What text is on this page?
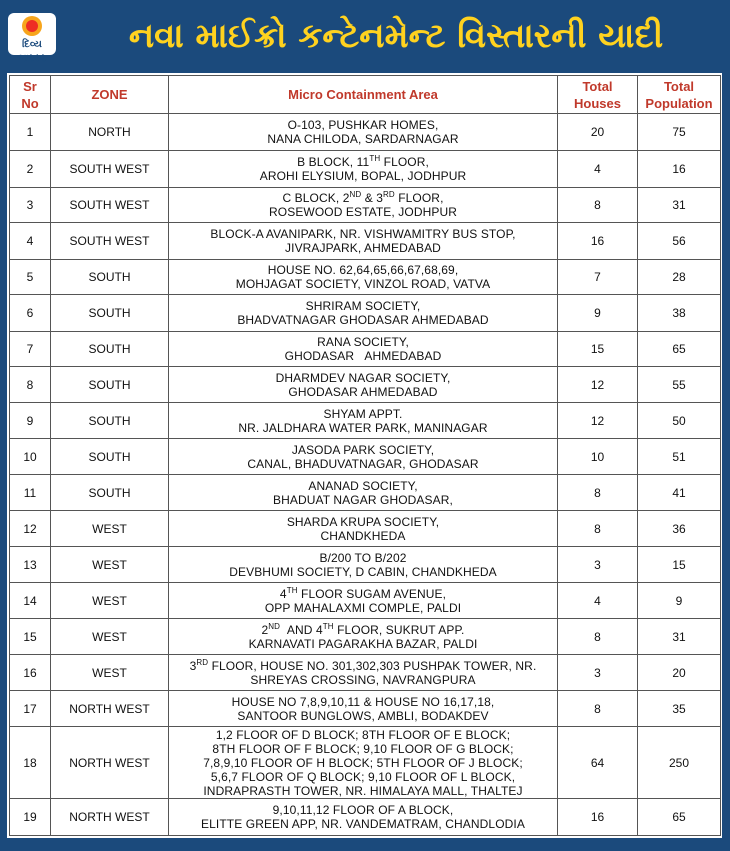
દિવ્ય ભાસ્કર
નવા માઈક્રો કન્ટેનમેન્ટ વિસ્તારની યાદી
Sr
No	ZONE	Micro Containment Area	Total Houses	Total Population
1	NORTH	O-103, PUSHKAR HOMES,
NANA CHILODA, SARDARNAGAR	20	75
2	SOUTH WEST	B BLOCK, 11TH FLOOR,
AROHI ELYSIUM, BOPAL, JODHPUR	4	16
3	SOUTH WEST	C BLOCK, 2ND & 3RD FLOOR,
ROSEWOOD ESTATE, JODHPUR	8	31
4	SOUTH WEST	BLOCK-A AVANIPARK, NR. VISHWAMITRY BUS STOP,
JIVRAJPARK, AHMEDABAD	16	56
5	SOUTH	HOUSE NO. 62,64,65,66,67,68,69,
MOHJAGAT SOCIETY, VINZOL ROAD, VATVA	7	28
6	SOUTH	SHRIRAM SOCIETY,
BHADVATNAGAR GHODASAR AHMEDABAD	9	38
7	SOUTH	RANA SOCIETY,
GHODASAR   AHMEDABAD	15	65
8	SOUTH	DHARMDEV NAGAR SOCIETY,
GHODASAR AHMEDABAD	12	55
9	SOUTH	SHYAM APPT.
NR. JALDHARA WATER PARK, MANINAGAR	12	50
10	SOUTH	JASODA PARK SOCIETY,
CANAL, BHADUVATNAGAR, GHODASAR	10	51
11	SOUTH	ANANAD SOCIETY,
BHADUAT NAGAR GHODASAR,	8	41
12	WEST	SHARDA KRUPA SOCIETY,
CHANDKHEDA	8	36
13	WEST	B/200 TO B/202
DEVBHUMI SOCIETY, D CABIN, CHANDKHEDA	3	15
14	WEST	4TH FLOOR SUGAM AVENUE,
OPP MAHALAXMI COMPLE, PALDI	4	9
15	WEST	2ND  AND 4TH FLOOR, SUKRUT APP.
KARNAVATI PAGARAKHA BAZAR, PALDI	8	31
16	WEST	3RD FLOOR, HOUSE NO. 301,302,303 PUSHPAK TOWER, NR.
SHREYAS CROSSING, NAVRANGPURA	3	20
17	NORTH WEST	HOUSE NO 7,8,9,10,11 & HOUSE NO 16,17,18,
SANTOOR BUNGLOWS, AMBLI, BODAKDEV	8	35
18	NORTH WEST	1,2 FLOOR OF D BLOCK; 8TH FLOOR OF E BLOCK;
8TH FLOOR OF F BLOCK; 9,10 FLOOR OF G BLOCK;
7,8,9,10 FLOOR OF H BLOCK; 5TH FLOOR OF J BLOCK;
5,6,7 FLOOR OF Q BLOCK; 9,10 FLOOR OF L BLOCK,
INDRAPRASTH TOWER, NR. HIMALAYA MALL, THALTEJ	64	250
19	NORTH WEST	9,10,11,12 FLOOR OF A BLOCK,
ELITTE GREEN APP, NR. VANDEMATRAM, CHANDLODIA	16	65
